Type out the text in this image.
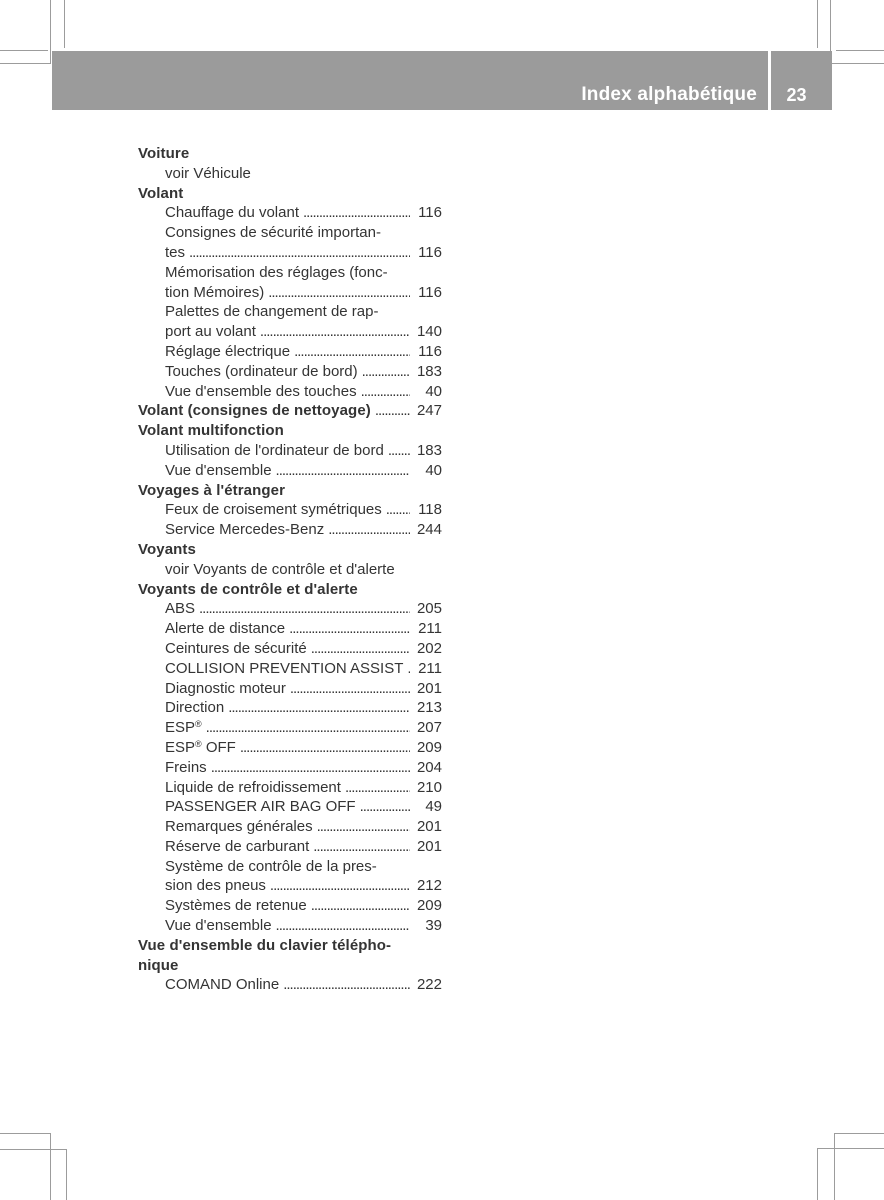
Index alphabétique 23
Voiture
voir Véhicule
Volant
Chauffage du volant .....	116
Consignes de sécurité importan-
tes .....	116
Mémorisation des réglages (fonc-
tion Mémoires) .....	116
Palettes de changement de rap-
port au volant .....	140
Réglage électrique .....	116
Touches (ordinateur de bord) .....	183
Vue d'ensemble des touches .....	40
Volant (consignes de nettoyage) .....	247
Volant multifonction
Utilisation de l'ordinateur de bord ..... 183
Vue d'ensemble .....	40
Voyages à l'étranger
Feux de croisement symétriques ..... 118
Service Mercedes-Benz .....	244
Voyants
voir Voyants de contrôle et d'alerte
Voyants de contrôle et d'alerte
ABS .....	205
Alerte de distance .....	211
Ceintures de sécurité .....	202
COLLISION PREVENTION ASSIST ..... 211
Diagnostic moteur .....	201
Direction .....	213
ESP® .....	207
ESP® OFF .....	209
Freins .....	204
Liquide de refroidissement .....	210
PASSENGER AIR BAG OFF .....	49
Remarques générales .....	201
Réserve de carburant .....	201
Système de contrôle de la pres-
sion des pneus .....	212
Systèmes de retenue .....	209
Vue d'ensemble .....	39
Vue d'ensemble du clavier télépho-
nique
COMAND Online .....	222
